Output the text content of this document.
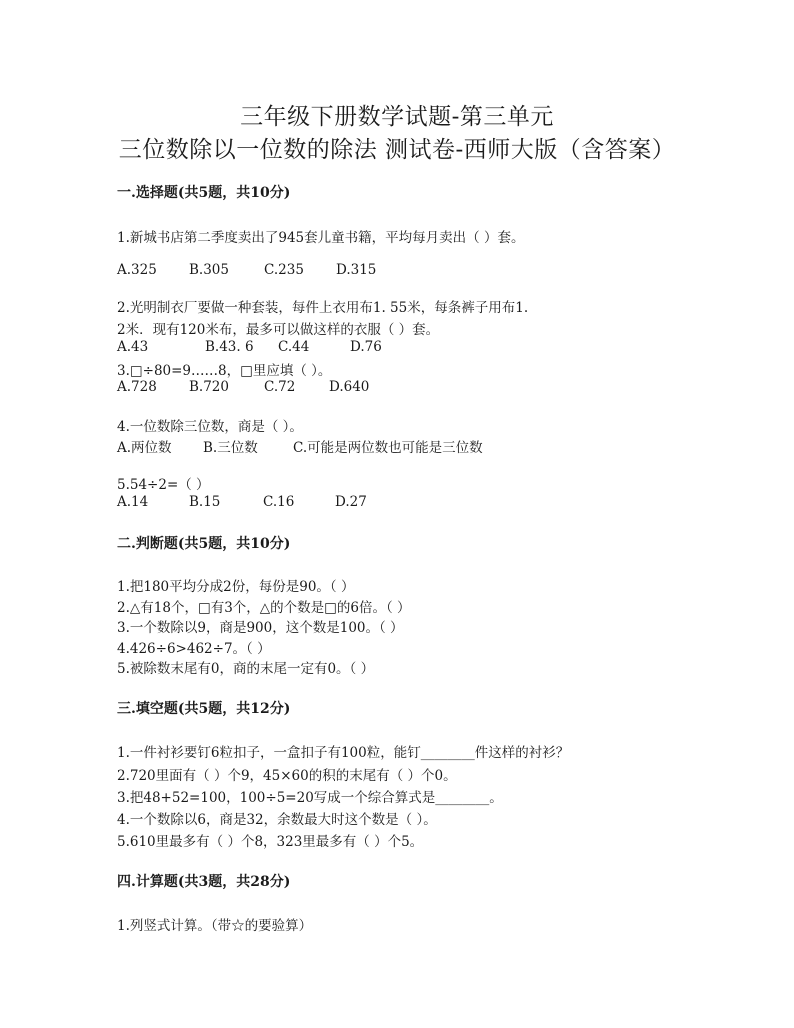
三年级下册数学试题-第三单元
三位数除以一位数的除法 测试卷-西师大版（含答案）
一.选择题(共5题，共10分)
1.新城书店第二季度卖出了945套儿童书籍，平均每月卖出（ ）套。
A.325 B.305	C.235 D.315
2.光明制衣厂要做一种套装，每件上衣用布1. 55米，每条裤子用布1.
2米．现有120米布，最多可以做这样的衣服（ ）套。
A.43	B.43. 6 C.44	D.76
3.□÷80=9……8，□里应填（ ）。
A.728 B.720	C.72 D.640
4.一位数除三位数，商是（ ）。
A.两位数 B.三位数	C.可能是两位数也可能是三位数
5.54÷2=（ ）
A.14	B.15	C.16	D.27
二.判断题(共5题，共10分)
1.把180平均分成2份，每份是90。（ ）
2.△有18个，□有3个，△的个数是□的6倍。（ ）
3.一个数除以9，商是900，这个数是100。（ ）
4.426÷6>462÷7。（ ）
5.被除数末尾有0，商的末尾一定有0。（ ）
三.填空题(共5题，共12分)
1.一件衬衫要钉6粒扣子，一盒扣子有100粒，能钉________件这样的衬衫？
2.720里面有（ ）个9，45×60的积的末尾有（ ）个0。
3.把48+52=100，100÷5=20写成一个综合算式是________。
4.一个数除以6，商是32，余数最大时这个数是（ ）。
5.610里最多有（ ）个8，323里最多有（ ）个5。
四.计算题(共3题，共28分)
1.列竖式计算。（带☆的要验算）
